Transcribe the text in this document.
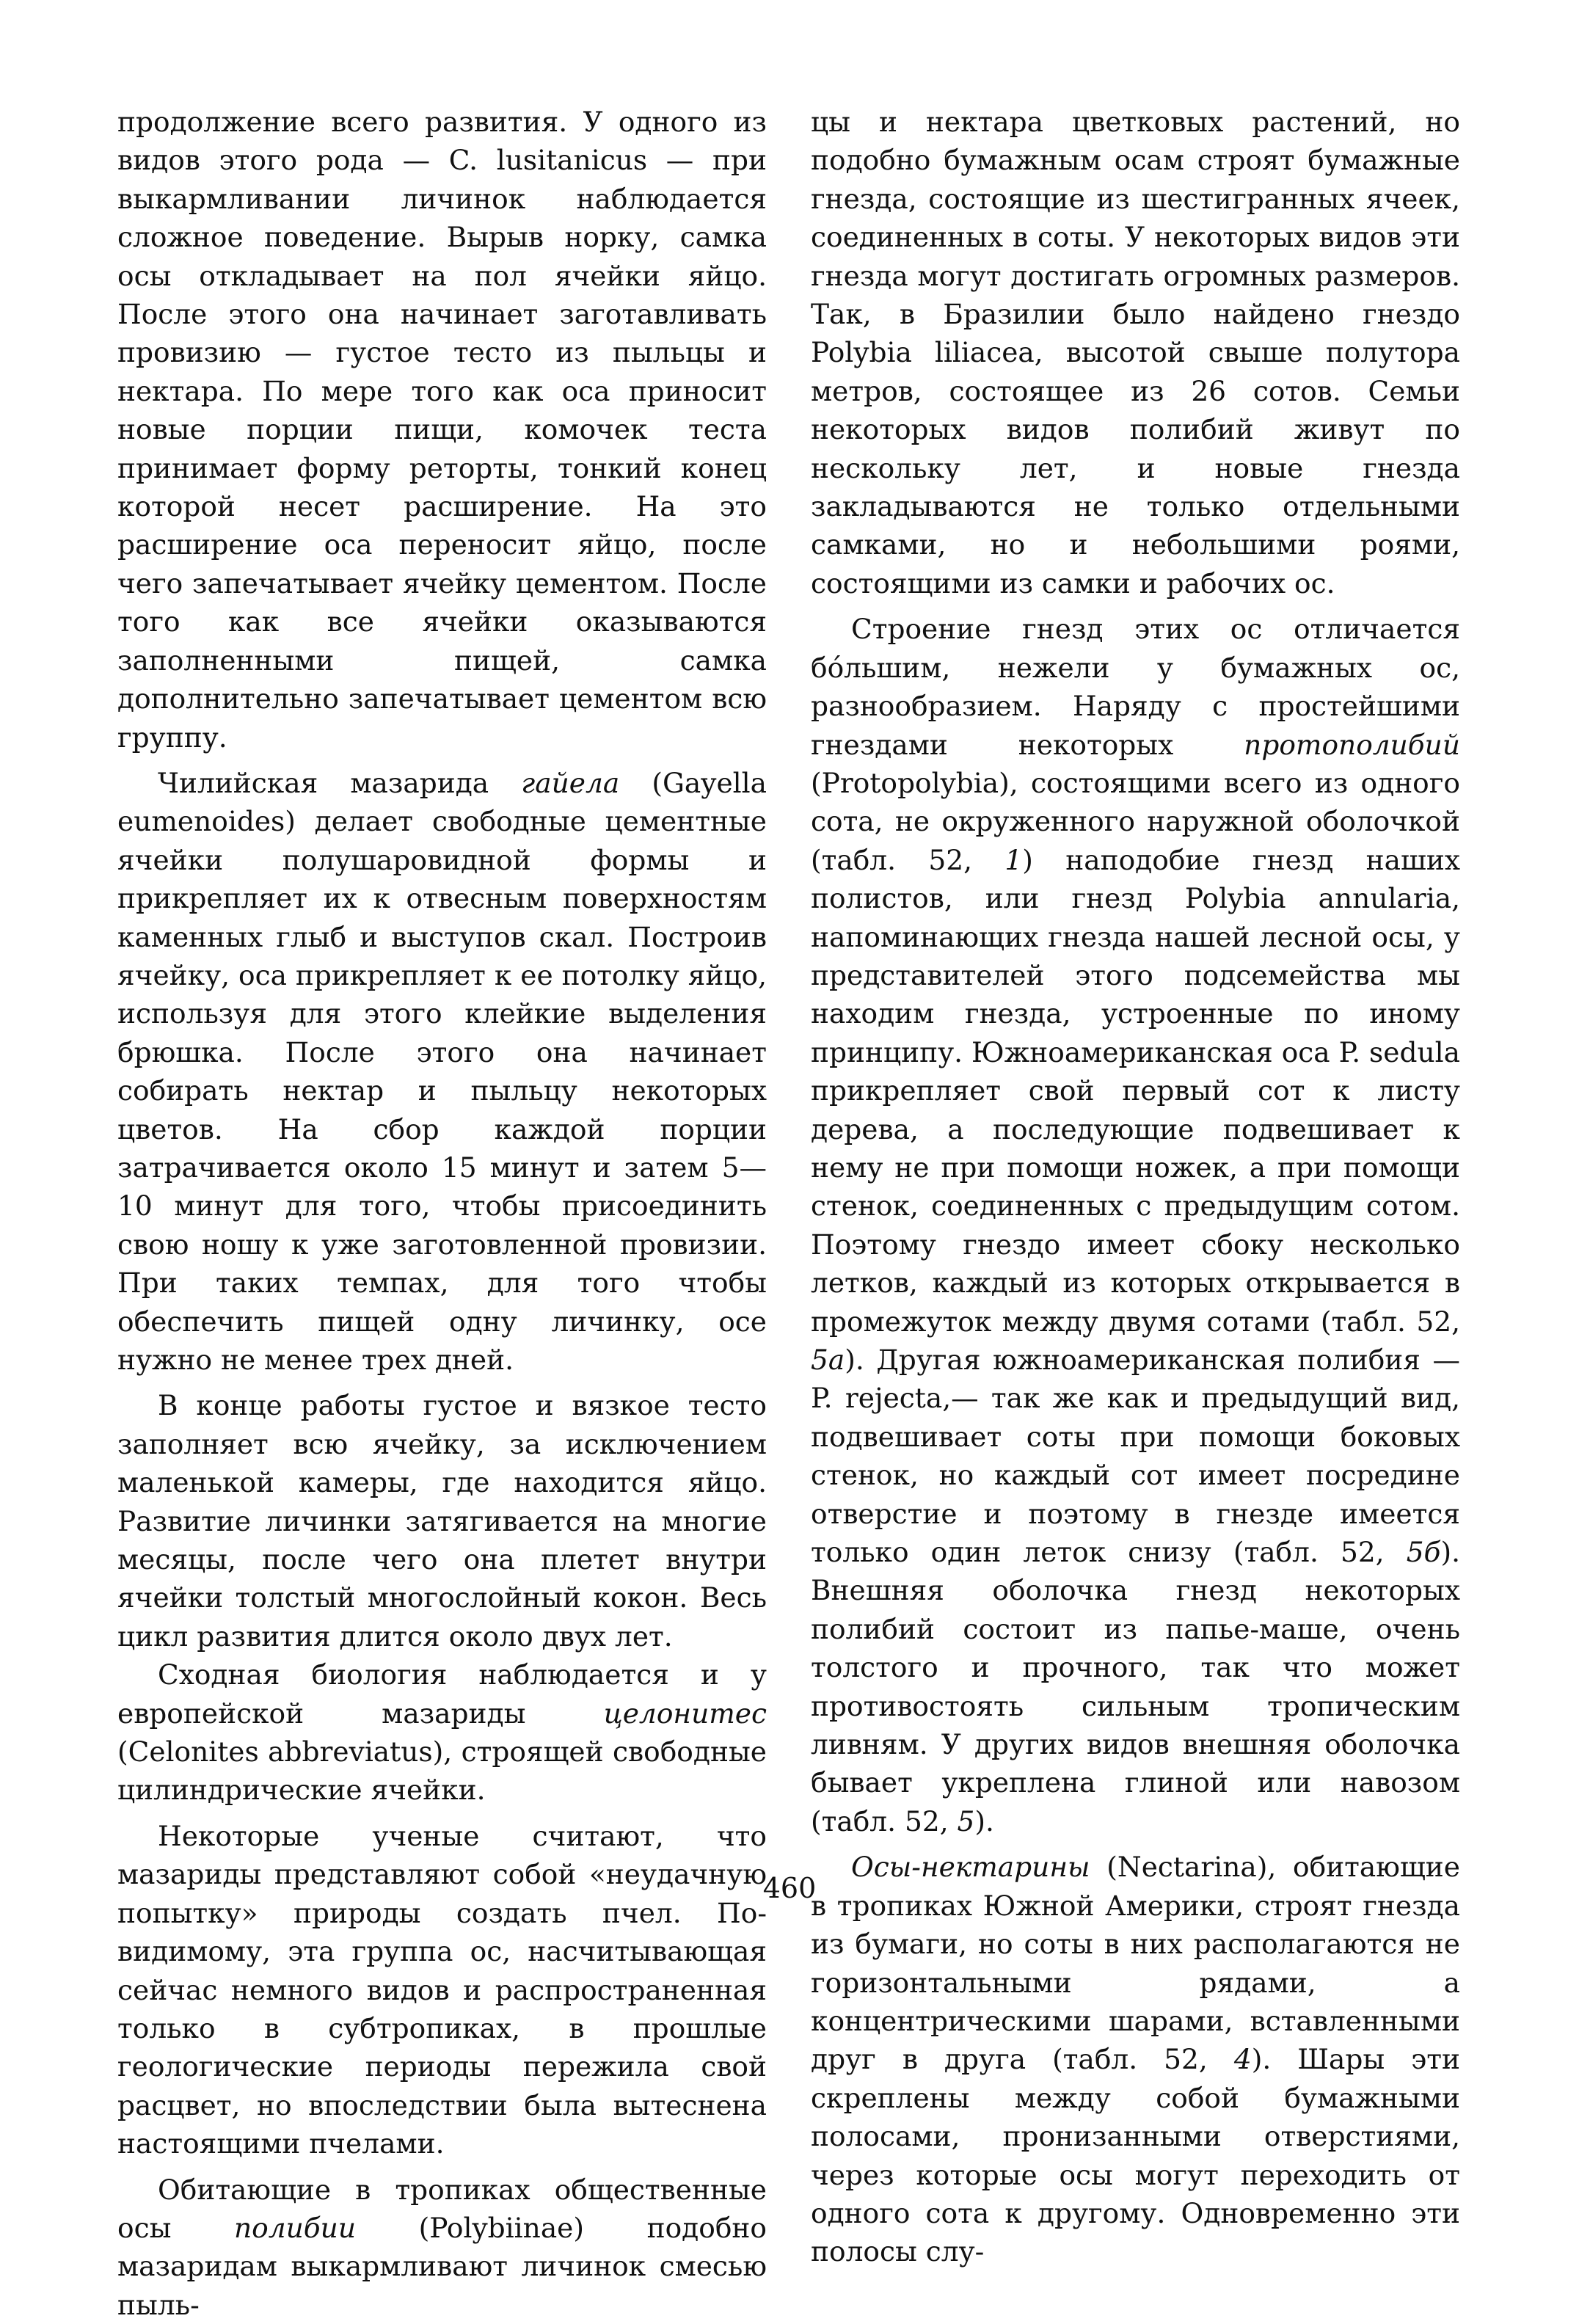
продолжение всего развития. У одного из видов этого рода — C. lusitanicus — при выкармливании личинок наблюдается сложное поведение. Вырыв норку, самка осы откладывает на пол ячейки яйцо. После этого она начинает заготавливать провизию — густое тесто из пыльцы и нектара. По мере того как оса приносит новые порции пищи, комочек теста принимает форму реторты, тонкий конец которой несет расширение. На это расширение оса переносит яйцо, после чего запечатывает ячейку цементом. После того как все ячейки оказываются заполненными пищей, самка дополнительно запечатывает цементом всю группу.

Чилийская мазарида гайела (Gayella eumenoides) делает свободные цементные ячейки полушаровидной формы и прикрепляет их к отвесным поверхностям каменных глыб и выступов скал. Построив ячейку, оса прикрепляет к ее потолку яйцо, используя для этого клейкие выделения брюшка. После этого она начинает собирать нектар и пыльцу некоторых цветов. На сбор каждой порции затрачивается около 15 минут и затем 5—10 минут для того, чтобы присоединить свою ношу к уже заготовленной провизии. При таких темпах, для того чтобы обеспечить пищей одну личинку, осе нужно не менее трех дней.

В конце работы густое и вязкое тесто заполняет всю ячейку, за исключением маленькой камеры, где находится яйцо. Развитие личинки затягивается на многие месяцы, после чего она плетет внутри ячейки толстый многослойный кокон. Весь цикл развития длится около двух лет.

Сходная биология наблюдается и у европейской мазариды целонитес (Celonites abbreviatus), строящей свободные цилиндрические ячейки.

Некоторые ученые считают, что мазариды представляют собой «неудачную попытку» природы создать пчел. По-видимому, эта группа ос, насчитывающая сейчас немного видов и распространенная только в субтропиках, в прошлые геологические периоды пережила свой расцвет, но впоследствии была вытеснена настоящими пчелами.

Обитающие в тропиках общественные осы полибии (Polybiinae) подобно мазаридам выкармливают личинок смесью пыль-

цы и нектара цветковых растений, но подобно бумажным осам строят бумажные гнезда, состоящие из шестигранных ячеек, соединенных в соты. У некоторых видов эти гнезда могут достигать огромных размеров. Так, в Бразилии было найдено гнездо Polybia liliacea, высотой свыше полутора метров, состоящее из 26 сотов. Семьи некоторых видов полибий живут по нескольку лет, и новые гнезда закладываются не только отдельными самками, но и небольшими роями, состоящими из самки и рабочих ос.

Строение гнезд этих ос отличается бóльшим, нежели у бумажных ос, разнообразием. Наряду с простейшими гнездами некоторых протополибий (Protopolybia), состоящими всего из одного сота, не окруженного наружной оболочкой (табл. 52, 1) наподобие гнезд наших полистов, или гнезд Polybia annularia, напоминающих гнезда нашей лесной осы, у представителей этого подсемейства мы находим гнезда, устроенные по иному принципу. Южноамериканская оса P. sedula прикрепляет свой первый сот к листу дерева, а последующие подвешивает к нему не при помощи ножек, а при помощи стенок, соединенных с предыдущим сотом. Поэтому гнездо имеет сбоку несколько летков, каждый из которых открывается в промежуток между двумя сотами (табл. 52, 5а). Другая южноамериканская полибия — P. rejecta,— так же как и предыдущий вид, подвешивает соты при помощи боковых стенок, но каждый сот имеет посредине отверстие и поэтому в гнезде имеется только один леток снизу (табл. 52, 5б). Внешняя оболочка гнезд некоторых полибий состоит из папье-маше, очень толстого и прочного, так что может противостоять сильным тропическим ливням. У других видов внешняя оболочка бывает укреплена глиной или навозом (табл. 52, 5).

Осы-нектарины (Nectarina), обитающие в тропиках Южной Америки, строят гнезда из бумаги, но соты в них располагаются не горизонтальными рядами, а концентрическими шарами, вставленными друг в друга (табл. 52, 4). Шары эти скреплены между собой бумажными полосами, пронизанными отверстиями, через которые осы могут переходить от одного сота к другому. Одновременно эти полосы слу-

460
